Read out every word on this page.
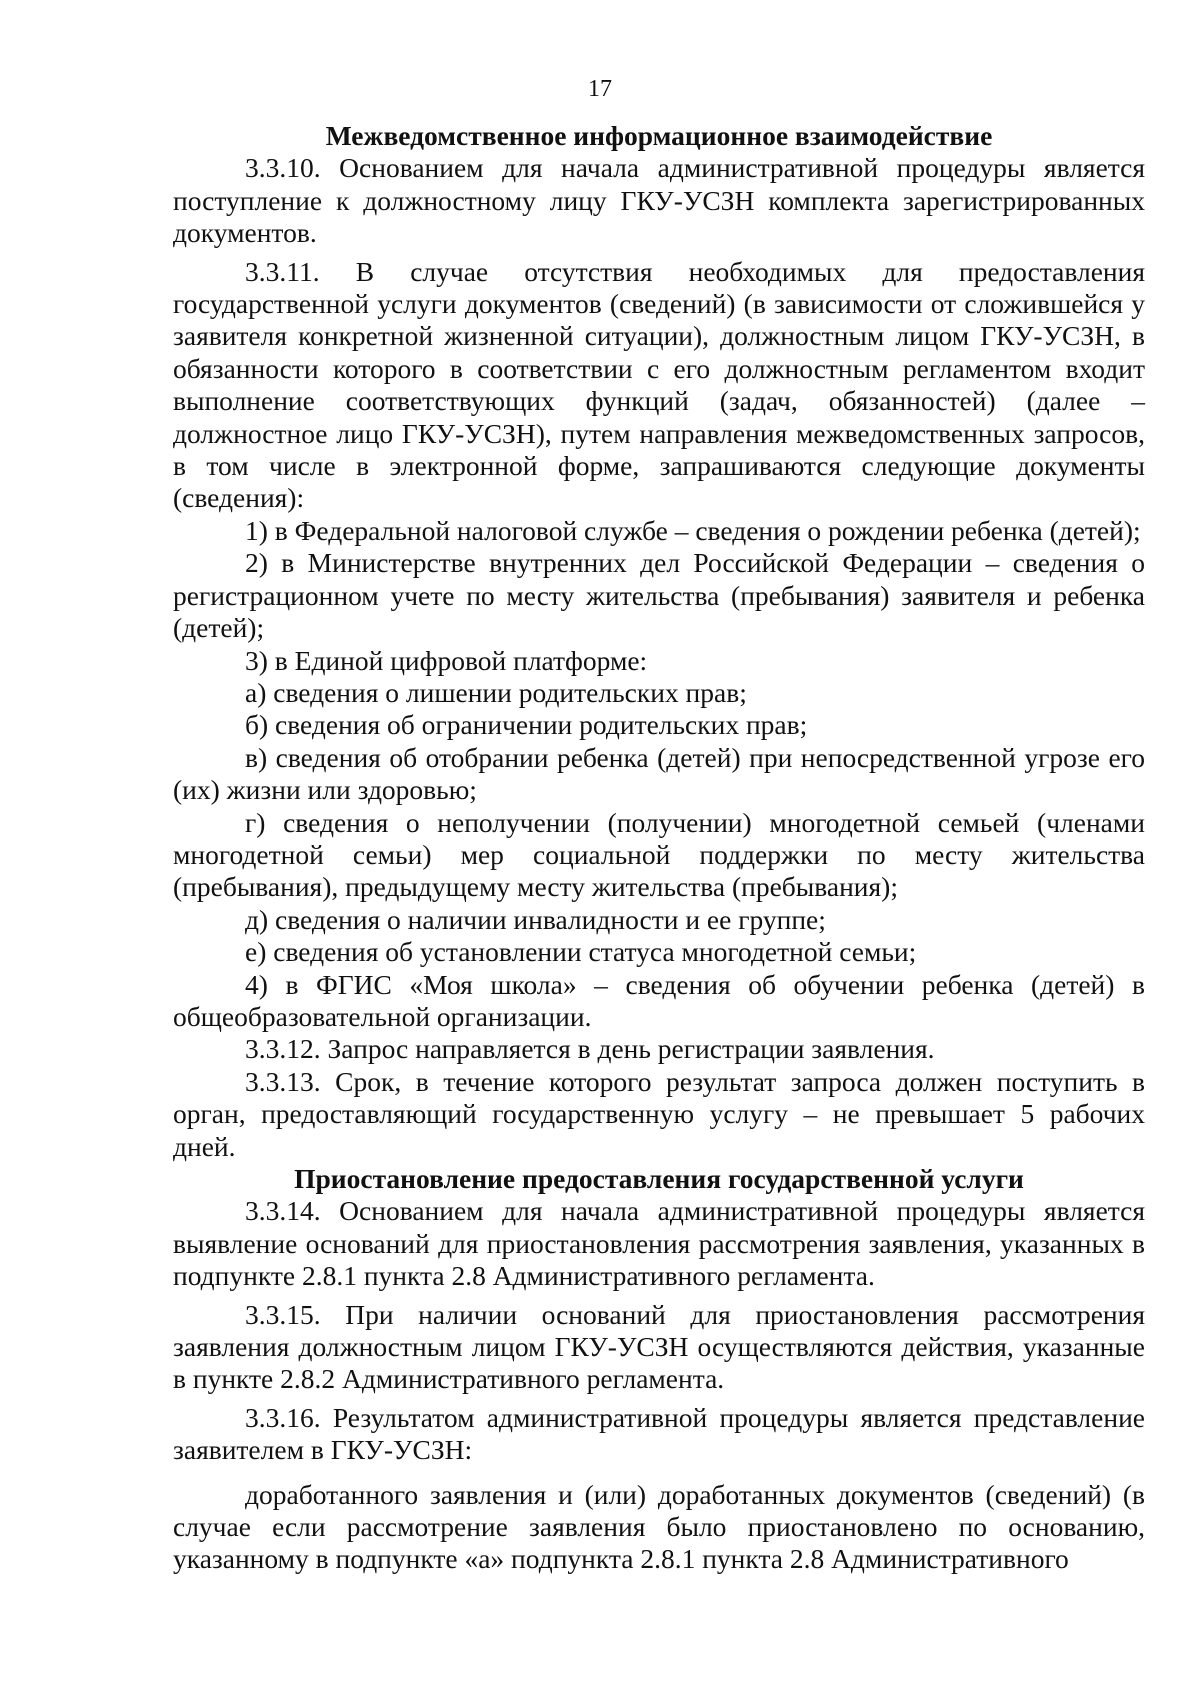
17

Межведомственное информационное взаимодействие

3.3.10. Основанием для начала административной процедуры является поступление к должностному лицу ГКУ-УСЗН комплекта зарегистрированных документов.

3.3.11. В случае отсутствия необходимых для предоставления государственной услуги документов (сведений) (в зависимости от сложившейся у заявителя конкретной жизненной ситуации), должностным лицом ГКУ-УСЗН, в обязанности которого в соответствии с его должностным регламентом входит выполнение соответствующих функций (задач, обязанностей) (далее – должностное лицо ГКУ-УСЗН), путем направления межведомственных запросов, в том числе в электронной форме, запрашиваются следующие документы (сведения):

1) в Федеральной налоговой службе – сведения о рождении ребенка (детей);

2) в Министерстве внутренних дел Российской Федерации – сведения о регистрационном учете по месту жительства (пребывания) заявителя и ребенка (детей);

3) в Единой цифровой платформе:

а) сведения о лишении родительских прав;

б) сведения об ограничении родительских прав;

в) сведения об отобрании ребенка (детей) при непосредственной угрозе его (их) жизни или здоровью;

г) сведения о неполучении (получении) многодетной семьей (членами многодетной семьи) мер социальной поддержки по месту жительства (пребывания), предыдущему месту жительства (пребывания);

д) сведения о наличии инвалидности и ее группе;

е) сведения об установлении статуса многодетной семьи;

4) в ФГИС «Моя школа» – сведения об обучении ребенка (детей) в общеобразовательной организации.

3.3.12. Запрос направляется в день регистрации заявления.

3.3.13. Срок, в течение которого результат запроса должен поступить в орган, предоставляющий государственную услугу – не превышает 5 рабочих дней.

Приостановление предоставления государственной услуги

3.3.14. Основанием для начала административной процедуры является выявление оснований для приостановления рассмотрения заявления, указанных в подпункте 2.8.1 пункта 2.8 Административного регламента.

3.3.15. При наличии оснований для приостановления рассмотрения заявления должностным лицом ГКУ-УСЗН осуществляются действия, указанные в пункте 2.8.2 Административного регламента.

3.3.16. Результатом административной процедуры является представление заявителем в ГКУ-УСЗН:

доработанного заявления и (или) доработанных документов (сведений) (в случае если рассмотрение заявления было приостановлено по основанию, указанному в подпункте «а» подпункта 2.8.1 пункта 2.8 Административного
